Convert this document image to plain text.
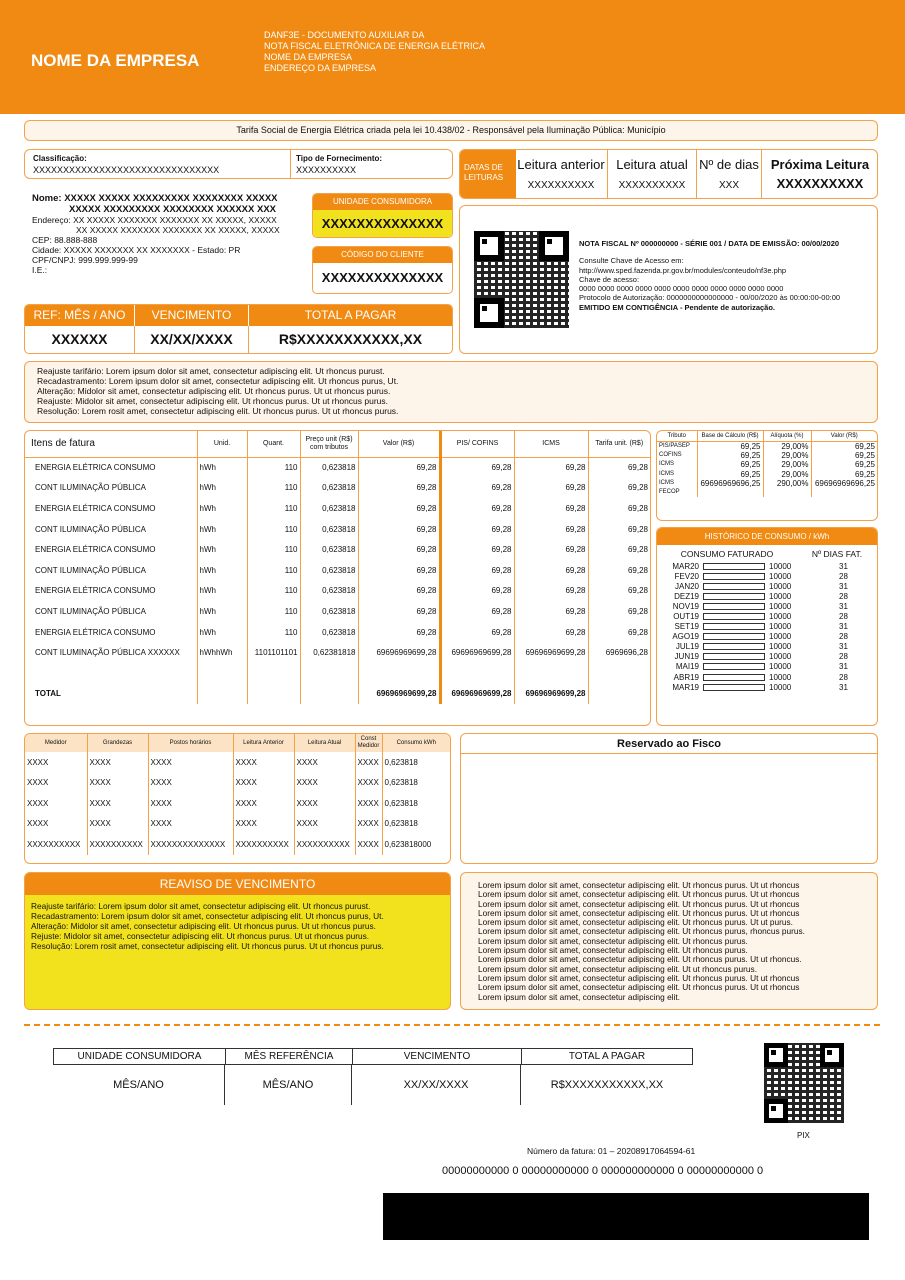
NOME DA EMPRESA
DANF3E - DOCUMENTO AUXILIAR DA
NOTA FISCAL ELETRÔNICA DE ENERGIA ELÉTRICA
NOME DA EMPRESA
ENDEREÇO DA EMPRESA
Tarifa Social de Energia Elétrica criada pela lei 10.438/02 - Responsável pela Iluminação Pública: Município
Classificação:
XXXXXXXXXXXXXXXXXXXXXXXXXXXXXXX
Tipo de Fornecimento:
XXXXXXXXXX	DATAS DE LEITURAS
Leitura anterior
XXXXXXXXXX
Leitura atual
XXXXXXXXXX
Nº de dias
XXX
Próxima Leitura
XXXXXXXXXX
Nome: XXXXX XXXXX XXXXXXXXX XXXXXXXX XXXXX
XXXXX XXXXXXXXX XXXXXXXX XXXXXX XXX
Endereço: XX XXXXX XXXXXXX XXXXXXX XX XXXXX, XXXXX
XX XXXXX XXXXXXX XXXXXXX XX XXXXX, XXXXX
CEP: 88.888-888
Cidade: XXXXX XXXXXXX XX XXXXXXX - Estado: PR
CPF/CNPJ: 999.999.999-99
I.E.:
UNIDADE CONSUMIDORA
XXXXXXXXXXXXXX
CÓDIGO DO CLIENTE
XXXXXXXXXXXXXX
NOTA FISCAL Nº 000000000 - SÉRIE 001 / DATA DE EMISSÃO: 00/00/2020
Consulte Chave de Acesso em:
http://www.sped.fazenda.pr.gov.br/modules/conteudo/nf3e.php
Chave de acesso:
0000 0000 0000 0000 0000 0000 0000 0000 0000 0000 0000
Protocolo de Autorização: 0000000000000000 - 00/00/2020 às 00:00:00-00:00
EMITIDO EM CONTIGÊNCIA - Pendente de autorização.
REF: MÊS / ANO	VENCIMENTO	TOTAL A PAGAR
XXXXXX	XX/XX/XXXX	R$XXXXXXXXXXX,XX
Reajuste tarifário: Lorem ipsum dolor sit amet, consectetur adipiscing elit. Ut rhoncus purust.
Recadastramento: Lorem ipsum dolor sit amet, consectetur adipiscing elit. Ut rhoncus purus, Ut.
Alteração: Midolor sit amet, consectetur adipiscing elit. Ut rhoncus purus. Ut ut rhoncus purus.
Reajuste: Midolor sit amet, consectetur adipiscing elit. Ut rhoncus purus. Ut ut rhoncus purus.
Resolução: Lorem rosit amet, consectetur adipiscing elit. Ut rhoncus purus. Ut ut rhoncus purus.
Itens de fatura	Unid.	Quant.	Preço unit (R$) com tributos	Valor (R$)	PIS/ COFINS	ICMS	Tarifa unit. (R$)
ENERGIA ELÉTRICA CONSUMO	hWh	110	0,623818	69,28	69,28	69,28	69,28
CONT ILUMINAÇÃO PÚBLICA	hWh	110	0,623818	69,28	69,28	69,28	69,28
ENERGIA ELÉTRICA CONSUMO	hWh	110	0,623818	69,28	69,28	69,28	69,28
CONT ILUMINAÇÃO PÚBLICA	hWh	110	0,623818	69,28	69,28	69,28	69,28
ENERGIA ELÉTRICA CONSUMO	hWh	110	0,623818	69,28	69,28	69,28	69,28
CONT ILUMINAÇÃO PÚBLICA	hWh	110	0,623818	69,28	69,28	69,28	69,28
ENERGIA ELÉTRICA CONSUMO	hWh	110	0,623818	69,28	69,28	69,28	69,28
CONT ILUMINAÇÃO PÚBLICA	hWh	110	0,623818	69,28	69,28	69,28	69,28
ENERGIA ELÉTRICA CONSUMO	hWh	110	0,623818	69,28	69,28	69,28	69,28
CONT ILUMINAÇÃO PÚBLICA XXXXXX	hWhhWh	1101101101	0,62381818	69696969699,28	69696969699,28	69696969699,28	6969696,28

TOTAL				69696969699,28	69696969699,28	69696969699,28	
Tributo	Base de Cálculo (R$)	Alíquota (%)	Valor (R$)
PIS/PASEP	69,25	29,00%	69,25
COFINS	69,25	29,00%	69,25
ICMS	69,25	29,00%	69,25
ICMS	69,25	29,00%	69,25
ICMS	69696969696,25	290,00%	69696969696,25
FECOP			
HISTÓRICO DE CONSUMO / kWh
CONSUMO FATURADO	Nº DIAS FAT.
MAR20	10000	31
FEV20	10000	28
JAN20	10000	31
DEZ19	10000	28
NOV19	10000	31
OUT19	10000	28
SET19	10000	31
AGO19	10000	28
JUL19	10000	31
JUN19	10000	28
MAI19	10000	31
ABR19	10000	28
MAR19	10000	31
Medidor	Grandezas	Postos horários	Leitura Anterior	Leitura Atual	Const Medidor	Consumo kWh
XXXX	XXXX	XXXX	XXXX	XXXX	XXXX	0,623818
XXXX	XXXX	XXXX	XXXX	XXXX	XXXX	0,623818
XXXX	XXXX	XXXX	XXXX	XXXX	XXXX	0,623818
XXXX	XXXX	XXXX	XXXX	XXXX	XXXX	0,623818
XXXXXXXXXX	XXXXXXXXXX	XXXXXXXXXXXXXX	XXXXXXXXXX	XXXXXXXXXX	XXXX	0,623818000
Reservado ao Fisco
REAVISO DE VENCIMENTO
Reajuste tarifário: Lorem ipsum dolor sit amet, consectetur adipiscing elit. Ut rhoncus purust.
Recadastramento: Lorem ipsum dolor sit amet, consectetur adipiscing elit. Ut rhoncus purus, Ut.
Alteração: Midolor sit amet, consectetur adipiscing elit. Ut rhoncus purus. Ut ut rhoncus purus.
Rejuste: Midolor sit amet, consectetur adipiscing elit. Ut rhoncus purus. Ut ut rhoncus purus.
Resolução: Lorem rosit amet, consectetur adipiscing elit. Ut rhoncus purus. Ut ut rhoncus purus.
Lorem ipsum dolor sit amet, consectetur adipiscing elit. Ut rhoncus purus. Ut ut rhoncus
Lorem ipsum dolor sit amet, consectetur adipiscing elit. Ut rhoncus purus. Ut ut rhoncus
Lorem ipsum dolor sit amet, consectetur adipiscing elit. Ut rhoncus purus. Ut ut rhoncus
Lorem ipsum dolor sit amet, consectetur adipiscing elit. Ut rhoncus purus. Ut ut rhoncus
Lorem ipsum dolor sit amet, consectetur adipiscing elit. Ut rhoncus purus. Ut ut purus.
Lorem ipsum dolor sit amet, consectetur adipiscing elit. Ut rhoncus purus, rhoncus purus.
Lorem ipsum dolor sit amet, consectetur adipiscing elit. Ut rhoncus purus.
Lorem ipsum dolor sit amet, consectetur adipiscing elit. Ut rhoncus purus.
Lorem ipsum dolor sit amet, consectetur adipiscing elit. Ut rhoncus purus. Ut ut rhoncus.
Lorem ipsum dolor sit amet, consectetur adipiscing elit. Ut ut rhoncus purus.
Lorem ipsum dolor sit amet, consectetur adipiscing elit. Ut rhoncus purus. Ut ut rhoncus
Lorem ipsum dolor sit amet, consectetur adipiscing elit. Ut rhoncus purus. Ut ut rhoncus
Lorem ipsum dolor sit amet, consectetur adipiscing elit.
UNIDADE CONSUMIDORA	MÊS REFERÊNCIA	VENCIMENTO	TOTAL A PAGAR
MÊS/ANO	MÊS/ANO	XX/XX/XXXX	R$XXXXXXXXXXX,XX
PIX
Número da fatura: 01 – 20208917064594-61
00000000000 0 00000000000 0 000000000000 0 00000000000 0
